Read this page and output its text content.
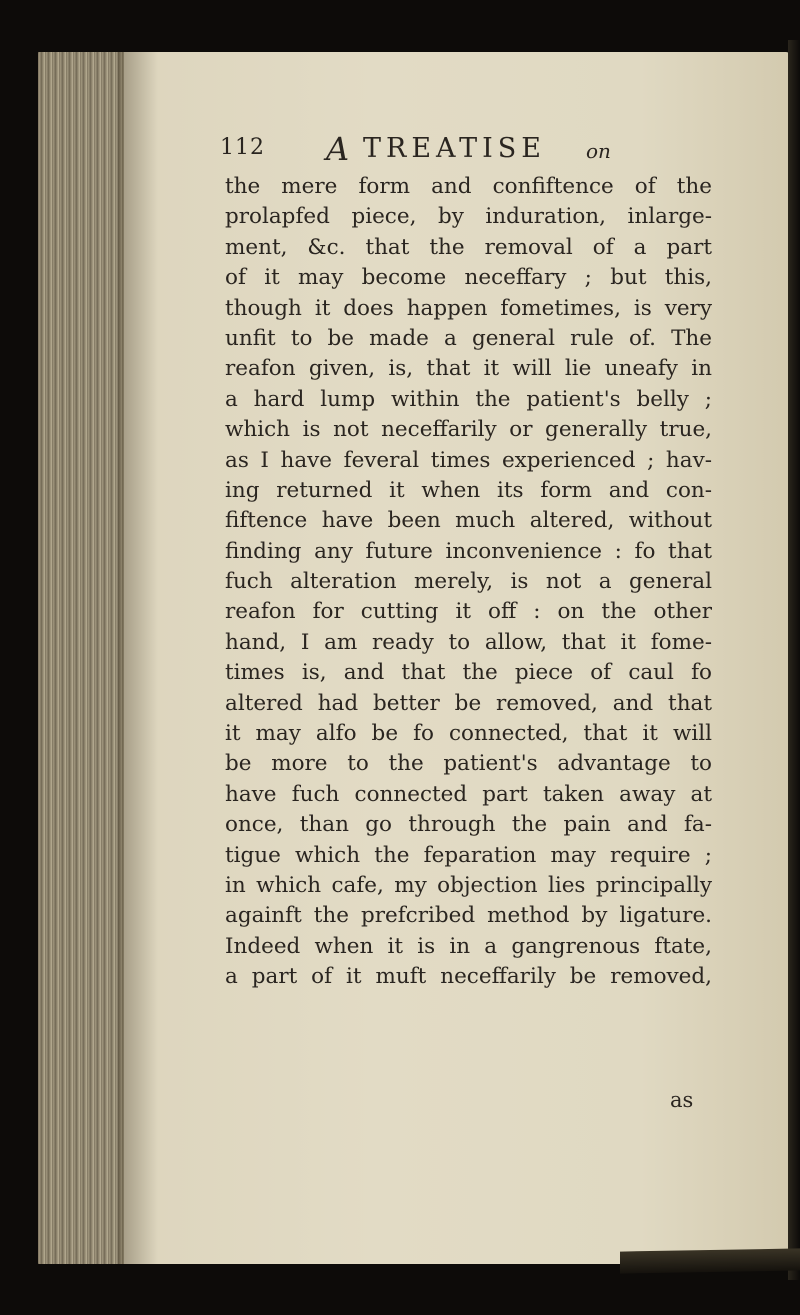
112 A TREATISE on
the mere form and confiftence of the
prolapfed piece, by induration, inlarge-
ment, &c. that the removal of a part
of it may become neceffary ; but this,
though it does happen fometimes, is very
unfit to be made a general rule of. The
reafon given, is, that it will lie uneafy in
a hard lump within the patient's belly ;
which is not neceffarily or generally true,
as I have feveral times experienced ; hav-
ing returned it when its form and con-
fiftence have been much altered, without
finding any future inconvenience : fo that
fuch alteration merely, is not a general
reafon for cutting it off : on the other
hand, I am ready to allow, that it fome-
times is, and that the piece of caul fo
altered had better be removed, and that
it may alfo be fo connected, that it will
be more to the patient's advantage to
have fuch connected part taken away at
once, than go through the pain and fa-
tigue which the feparation may require ;
in which cafe, my objection lies principally
againft the prefcribed method by ligature.
Indeed when it is in a gangrenous ftate,
a part of it muft neceffarily be removed,
as
